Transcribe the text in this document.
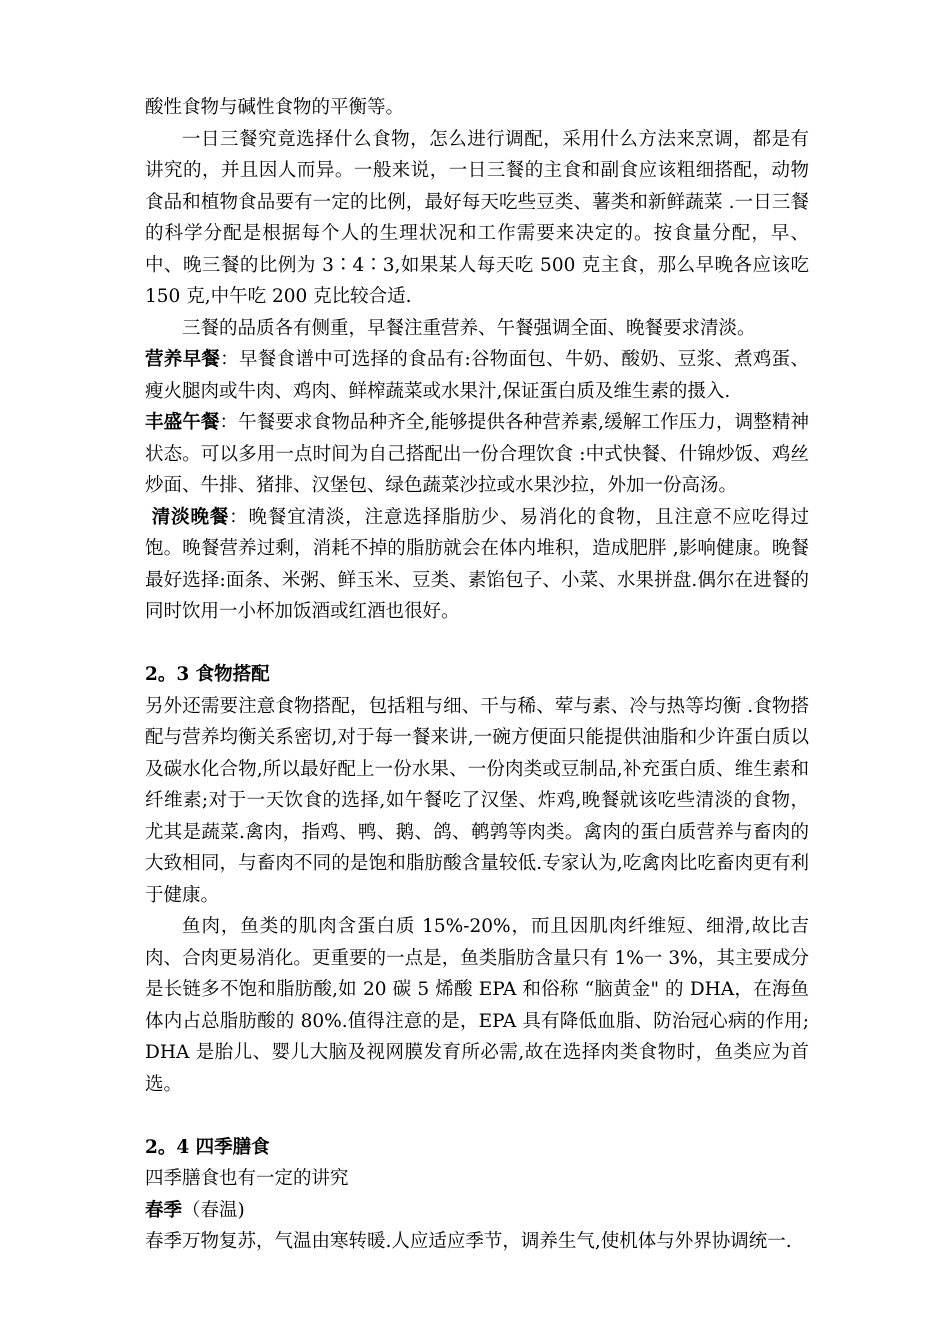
酸性食物与碱性食物的平衡等。

一日三餐究竟选择什么食物，怎么进行调配，采用什么方法来烹调，都是有讲究的，并且因人而异。一般来说，一日三餐的主食和副食应该粗细搭配，动物食品和植物食品要有一定的比例，最好每天吃些豆类、薯类和新鲜蔬菜 .一日三餐的科学分配是根据每个人的生理状况和工作需要来决定的。按食量分配，早、中、晚三餐的比例为 3∶4∶3,如果某人每天吃 500 克主食，那么早晚各应该吃 150 克,中午吃 200 克比较合适.

三餐的品质各有侧重，早餐注重营养、午餐强调全面、晚餐要求清淡。

营养早餐：早餐食谱中可选择的食品有:谷物面包、牛奶、酸奶、豆浆、煮鸡蛋、瘦火腿肉或牛肉、鸡肉、鲜榨蔬菜或水果汁,保证蛋白质及维生素的摄入.

丰盛午餐：午餐要求食物品种齐全,能够提供各种营养素,缓解工作压力，调整精神状态。可以多用一点时间为自己搭配出一份合理饮食 :中式快餐、什锦炒饭、鸡丝炒面、牛排、猪排、汉堡包、绿色蔬菜沙拉或水果沙拉，外加一份高汤。

清淡晚餐：晚餐宜清淡，注意选择脂肪少、易消化的食物，且注意不应吃得过饱。晚餐营养过剩，消耗不掉的脂肪就会在体内堆积，造成肥胖 ,影响健康。晚餐最好选择:面条、米粥、鲜玉米、豆类、素馅包子、小菜、水果拼盘.偶尔在进餐的同时饮用一小杯加饭酒或红酒也很好。

2。3 食物搭配

另外还需要注意食物搭配，包括粗与细、干与稀、荤与素、冷与热等均衡 .食物搭配与营养均衡关系密切,对于每一餐来讲,一碗方便面只能提供油脂和少许蛋白质以及碳水化合物,所以最好配上一份水果、一份肉类或豆制品,补充蛋白质、维生素和纤维素;对于一天饮食的选择,如午餐吃了汉堡、炸鸡,晚餐就该吃些清淡的食物，尤其是蔬菜.禽肉，指鸡、鸭、鹅、鸽、鹌鹑等肉类。禽肉的蛋白质营养与畜肉的大致相同，与畜肉不同的是饱和脂肪酸含量较低.专家认为,吃禽肉比吃畜肉更有利于健康。

鱼肉，鱼类的肌肉含蛋白质 15%-20%，而且因肌肉纤维短、细滑,故比吉肉、合肉更易消化。更重要的一点是，鱼类脂肪含量只有 1%一 3%，其主要成分是长链多不饱和脂肪酸,如 20 碳 5 烯酸 EPA 和俗称 “脑黄金" 的 DHA，在海鱼体内占总脂肪酸的 80%.值得注意的是，EPA 具有降低血脂、防治冠心病的作用; DHA 是胎儿、婴儿大脑及视网膜发育所必需,故在选择肉类食物时，鱼类应为首选。

2。4 四季膳食

四季膳食也有一定的讲究

春季（春温)

春季万物复苏，气温由寒转暖.人应适应季节，调养生气,使机体与外界协调统一.
